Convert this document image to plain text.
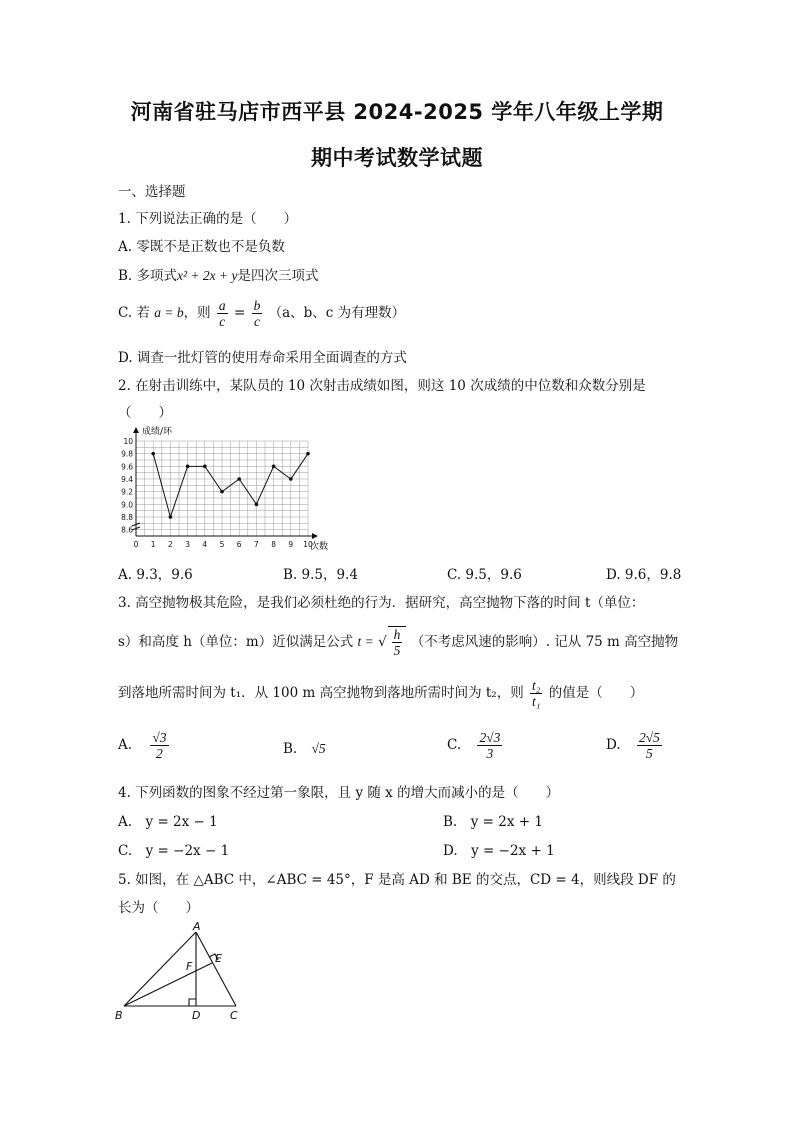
河南省驻马店市西平县 2024-2025 学年八年级上学期
期中考试数学试题
一、选择题
1. 下列说法正确的是（　　）
A. 零既不是正数也不是负数
B. 多项式x² + 2x + y是四次三项式
C. 若 a = b，则 $\frac{a}{c} = \frac{b}{c} (a$、b、c 为有理数）
D. 调查一批灯管的使用寿命采用全面调查的方式
2. 在射击训练中，某队员的 10 次射击成绩如图，则这 10 次成绩的中位数和众数分别是
（　　）
8.6
8.8
9.0
9.2
9.4
9.6
9.8
10
0 1 2 3 4 5 6 7 8 9 10
成绩/环
次数
A. 9.3，9.6	B. 9.5，9.4	C. 9.5，9.6	D. 9.6，9.8
3. 高空抛物极其危险，是我们必须杜绝的行为．据研究，高空抛物下落的时间 t（单位：
s）和高度 h（单位：m）近似满足公式 t = √ $\frac{h}{5}$ （不考虑风速的影响）. 记从 75 m 高空抛物
到落地所需时间为 t₁．从 100 m 高空抛物到落地所需时间为 t₂，则 $\frac{\text{t₂}}{\text{t₁}}$ 的值是（　　）
A. $\frac{√3}{2}$	B. √5	C. $\frac{2√3}{3}$	D. $\frac{2√5}{5}$
4. 下列函数的图象不经过第一象限，且 y 随 x 的增大而减小的是（　　）
A.　y = 2x − 1	B.　y = 2x + 1
C.　y = −2x − 1	D.　y = −2x + 1
5. 如图，在 △ABC 中，∠ABC = 45°，F 是高 AD 和 BE 的交点，CD = 4，则线段 DF 的
长为（　　）
A
B	C
D
E
F
